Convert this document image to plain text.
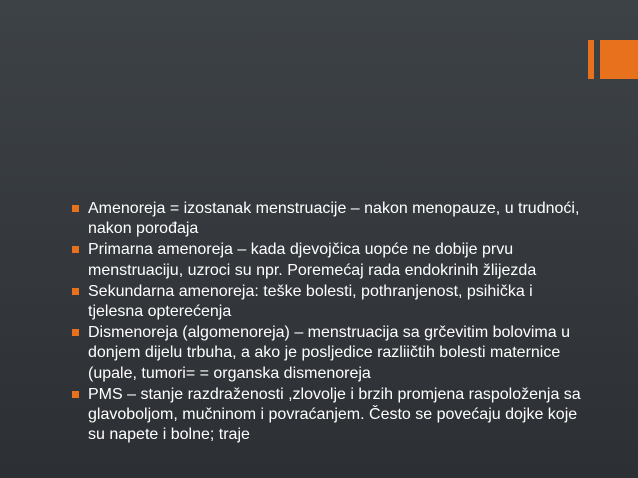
Amenoreja = izostanak menstruacije – nakon menopauze, u trudnoći, nakon porođaja
Primarna amenoreja – kada djevojčica uopće ne dobije prvu menstruaciju, uzroci su npr. Poremećaj rada endokrinih žlijezda
Sekundarna amenoreja: teške bolesti, pothranjenost, psihička i tjelesna opterećenja
Dismenoreja (algomenoreja) – menstruacija sa grčevitim bolovima u donjem dijelu trbuha, a ako je posljedice razliičtih bolesti maternice (upale, tumori= = organska dismenoreja
PMS – stanje razdraženosti ,zlovolje i brzih promjena raspoloženja sa glavoboljom, mučninom i povraćanjem. Često se povećaju dojke koje su napete i bolne; traje
